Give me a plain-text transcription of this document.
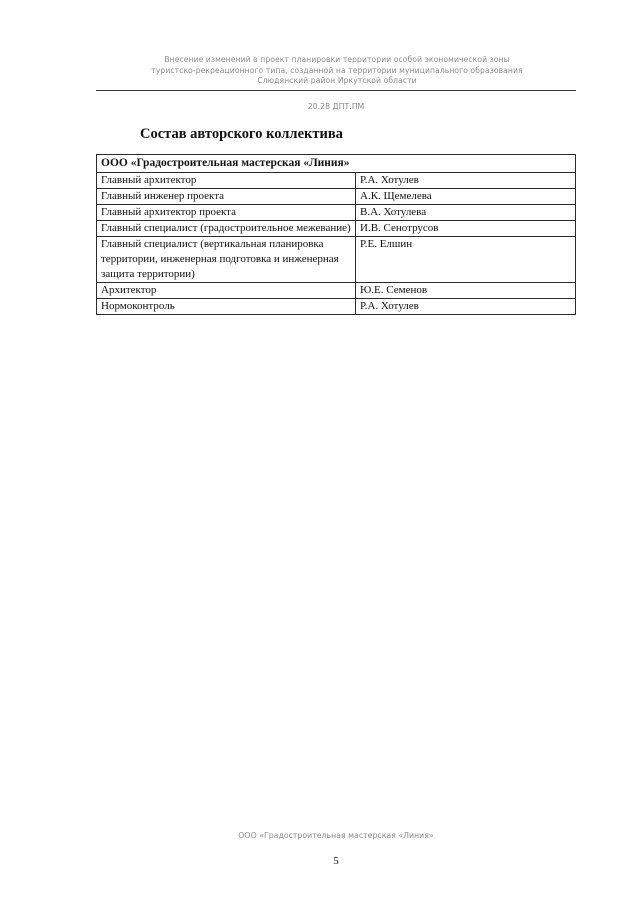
Внесение изменений в проект планировки территории особой экономической зоны
туристско-рекреационного типа, созданной на территории муниципального образования
Слюдянский район Иркутской области
20.28 ДПТ.ПМ
Состав авторского коллектива
ООО «Градостроительная мастерская «Линия»	
Главный архитектор	Р.А. Хотулев
Главный инженер проекта	А.К. Щемелева
Главный архитектор проекта	В.А. Хотулева
Главный специалист (градостроительное межевание)	И.В. Сенотрусов
Главный специалист (вертикальная планировка территории, инженерная подготовка и инженерная защита территории)	Р.Е. Елшин
Архитектор	Ю.Е. Семенов
Нормоконтроль	Р.А. Хотулев
ООО «Градостроительная мастерская «Линия»
5
